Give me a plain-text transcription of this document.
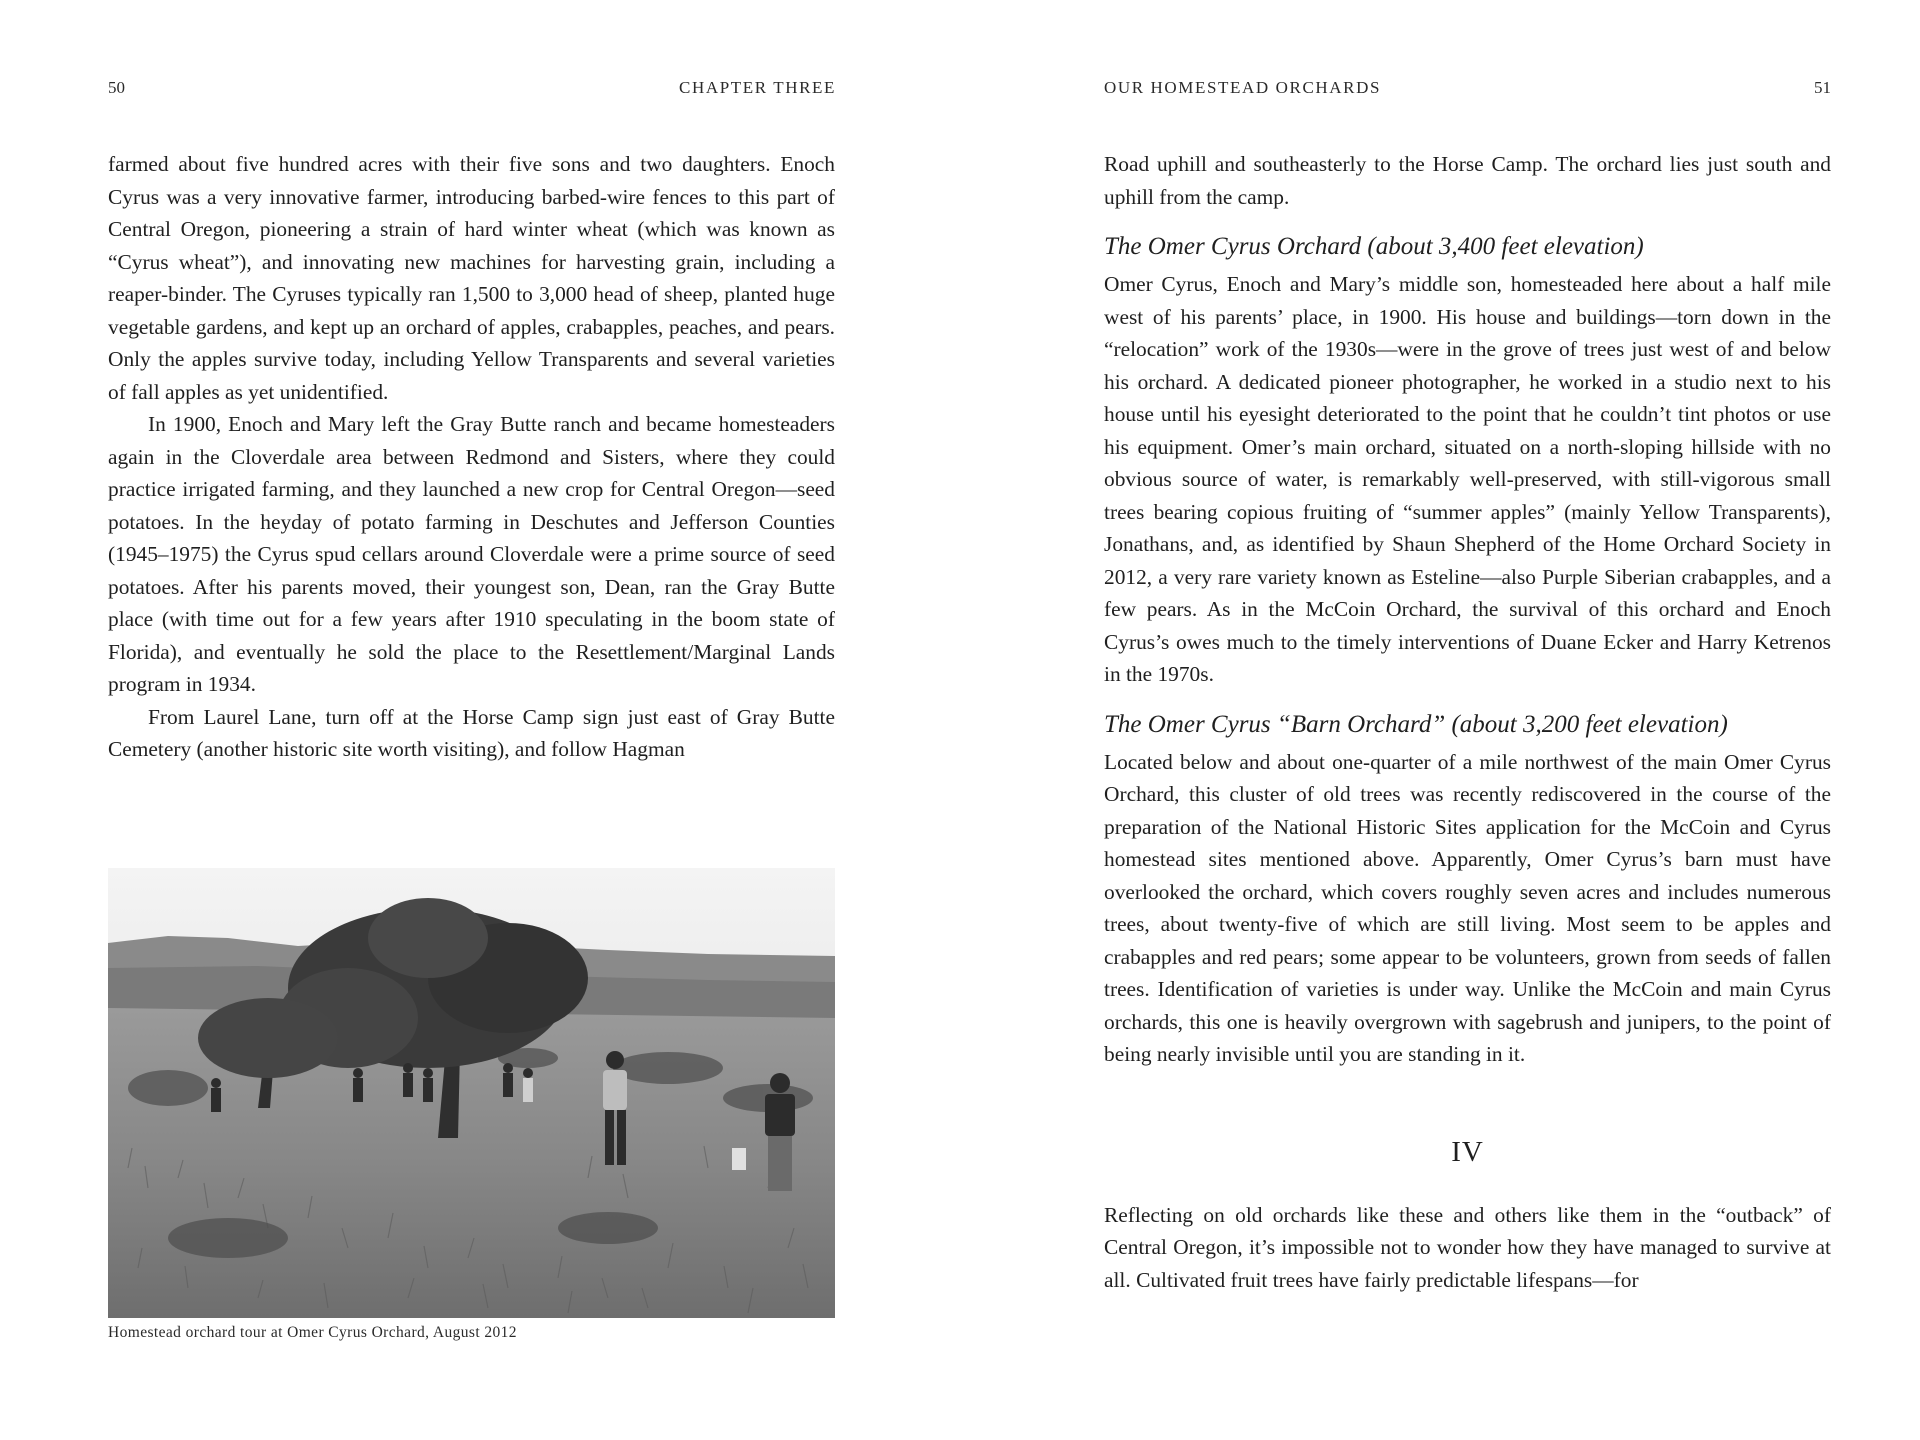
50	CHAPTER THREE

farmed about five hundred acres with their five sons and two daughters. Enoch Cyrus was a very innovative farmer, introducing barbed-wire fences to this part of Central Oregon, pioneering a strain of hard winter wheat (which was known as “Cyrus wheat”), and innovating new machines for harvesting grain, including a reaper-binder. The Cyruses typically ran 1,500 to 3,000 head of sheep, planted huge vegetable gardens, and kept up an orchard of apples, crabapples, peaches, and pears. Only the apples survive today, including Yellow Transparents and several varieties of fall apples as yet unidentified.

In 1900, Enoch and Mary left the Gray Butte ranch and became homesteaders again in the Cloverdale area between Redmond and Sisters, where they could practice irrigated farming, and they launched a new crop for Central Oregon—seed potatoes. In the heyday of potato farming in Deschutes and Jefferson Counties (1945–1975) the Cyrus spud cellars around Cloverdale were a prime source of seed potatoes. After his parents moved, their youngest son, Dean, ran the Gray Butte place (with time out for a few years after 1910 speculating in the boom state of Florida), and eventually he sold the place to the Resettlement/Marginal Lands program in 1934.

From Laurel Lane, turn off at the Horse Camp sign just east of Gray Butte Cemetery (another historic site worth visiting), and follow Hagman

Homestead orchard tour at Omer Cyrus Orchard, August 2012
OUR HOMESTEAD ORCHARDS	51

Road uphill and southeasterly to the Horse Camp. The orchard lies just south and uphill from the camp.

The Omer Cyrus Orchard (about 3,400 feet elevation)

Omer Cyrus, Enoch and Mary’s middle son, homesteaded here about a half mile west of his parents’ place, in 1900. His house and buildings—torn down in the “relocation” work of the 1930s—were in the grove of trees just west of and below his orchard. A dedicated pioneer photographer, he worked in a studio next to his house until his eyesight deteriorated to the point that he couldn’t tint photos or use his equipment. Omer’s main orchard, situated on a north-sloping hillside with no obvious source of water, is remarkably well-preserved, with still-vigorous small trees bearing copious fruiting of “summer apples” (mainly Yellow Transparents), Jonathans, and, as identified by Shaun Shepherd of the Home Orchard Society in 2012, a very rare variety known as Esteline—also Purple Siberian crabapples, and a few pears. As in the McCoin Orchard, the survival of this orchard and Enoch Cyrus’s owes much to the timely interventions of Duane Ecker and Harry Ketrenos in the 1970s.

The Omer Cyrus “Barn Orchard” (about 3,200 feet elevation)

Located below and about one-quarter of a mile northwest of the main Omer Cyrus Orchard, this cluster of old trees was recently rediscovered in the course of the preparation of the National Historic Sites application for the McCoin and Cyrus homestead sites mentioned above. Apparently, Omer Cyrus’s barn must have overlooked the orchard, which covers roughly seven acres and includes numerous trees, about twenty-five of which are still living. Most seem to be apples and crabapples and red pears; some appear to be volunteers, grown from seeds of fallen trees. Identification of varieties is under way. Unlike the McCoin and main Cyrus orchards, this one is heavily overgrown with sagebrush and junipers, to the point of being nearly invisible until you are standing in it.

IV

Reflecting on old orchards like these and others like them in the “outback” of Central Oregon, it’s impossible not to wonder how they have managed to survive at all. Cultivated fruit trees have fairly predictable lifespans—for
